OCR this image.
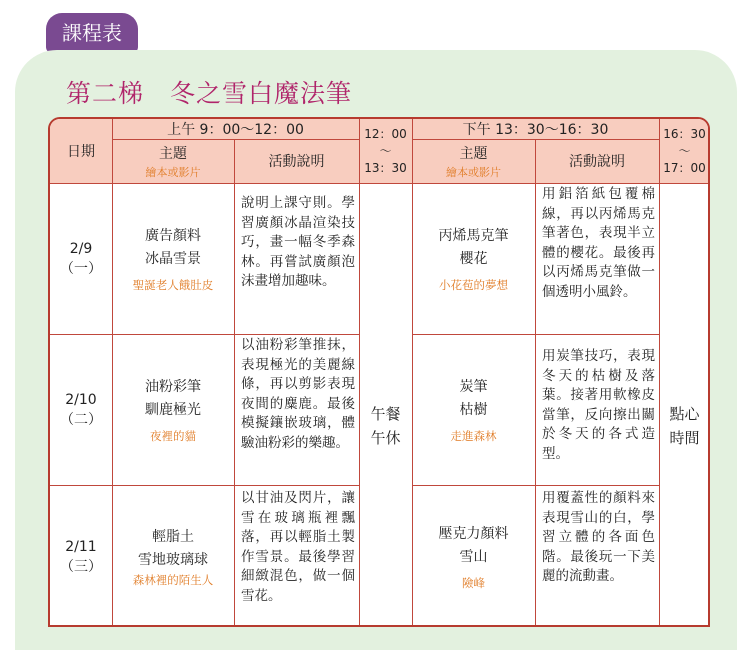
課程表
第二梯　冬之雪白魔法筆
日期
上午 9：00～12：00
主題
繪本或影片
活動說明
12：00
～
13：30
下午 13：30～16：30
主題
繪本或影片
活動說明
16：30
～
17：00
午餐
午休
點心
時間
2/9
（一）
廣告顏料
冰晶雪景
聖誕老人餓肚皮
說明上課守則。學習廣顏冰晶渲染技巧，畫一幅冬季森林。再嘗試廣顏泡沫畫增加趣味。
丙烯馬克筆
櫻花
小花苞的夢想
用鋁箔紙包覆棉線，再以丙烯馬克筆著色，表現半立體的櫻花。最後再以丙烯馬克筆做一個透明小風鈴。
2/10
（二）
油粉彩筆
馴鹿極光
夜裡的貓
以油粉彩筆推抹，表現極光的美麗線條，再以剪影表現夜間的麋鹿。最後模擬鑲嵌玻璃，體驗油粉彩的樂趣。
炭筆
枯樹
走進森林
用炭筆技巧，表現冬天的枯樹及落葉。接著用軟橡皮當筆，反向擦出關於冬天的各式造型。
2/11
（三）
輕脂土
雪地玻璃球
森林裡的陌生人
以甘油及閃片，讓雪在玻璃瓶裡飄落，再以輕脂土製作雪景。最後學習細緻混色，做一個雪花。
壓克力顏料
雪山
險峰
用覆蓋性的顏料來表現雪山的白，學習立體的各面色階。最後玩一下美麗的流動畫。
